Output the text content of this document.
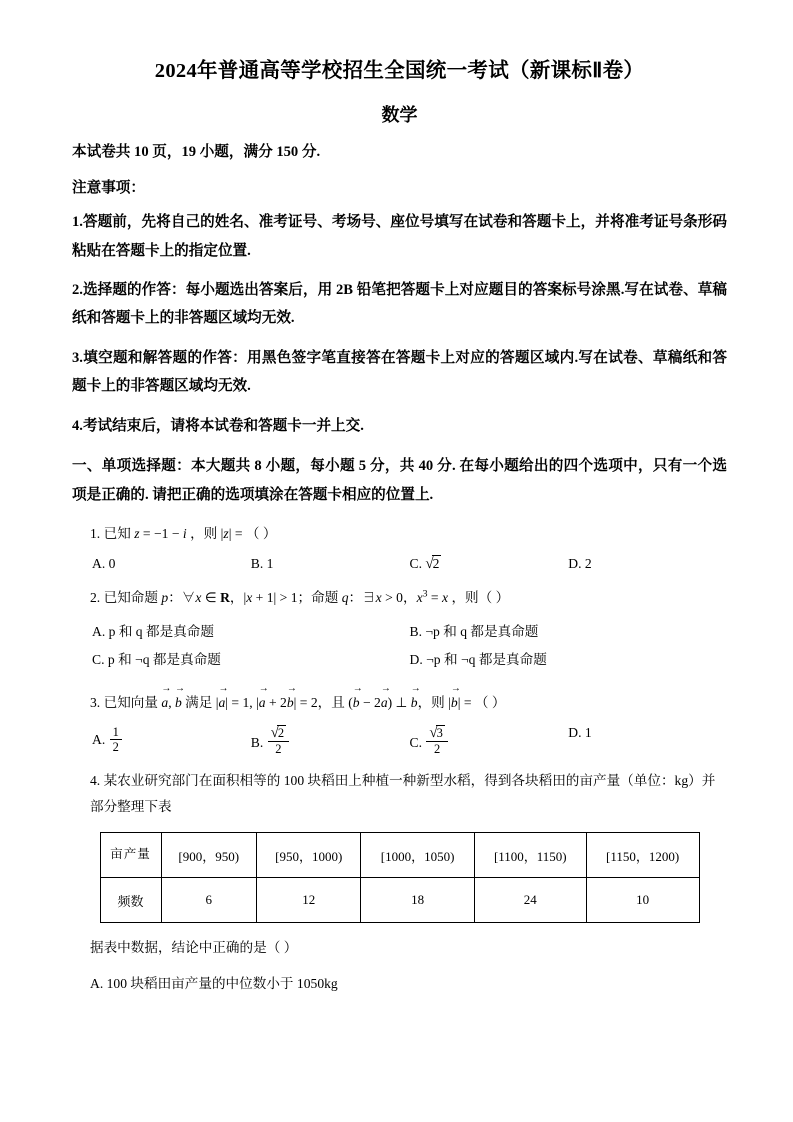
2024年普通高等学校招生全国统一考试（新课标Ⅱ卷）
数学
本试卷共 10 页，19 小题，满分 150 分.
注意事项：
1.答题前，先将自己的姓名、准考证号、考场号、座位号填写在试卷和答题卡上，并将准考证号条形码粘贴在答题卡上的指定位置.
2.选择题的作答：每小题选出答案后，用 2B 铅笔把答题卡上对应题目的答案标号涂黑.写在试卷、草稿纸和答题卡上的非答题区域均无效.
3.填空题和解答题的作答：用黑色签字笔直接答在答题卡上对应的答题区域内.写在试卷、草稿纸和答题卡上的非答题区域均无效.
4.考试结束后，请将本试卷和答题卡一并上交.
一、单项选择题：本大题共 8 小题，每小题 5 分，共 40 分. 在每小题给出的四个选项中，只有一个选项是正确的. 请把正确的选项填涂在答题卡相应的位置上.
1. 已知 z = −1 − i ，则 |z| = （ ）
A. 0	B. 1	C. √2	D. 2
2. 已知命题 p：∀x ∈ R，|x + 1| > 1；命题 q：∃x > 0，$x^3 = x$ ，则（ ）
A. p 和 q 都是真命题	B. ¬p 和 q 都是真命题
C. p 和 ¬q 都是真命题	D. ¬p 和 ¬q 都是真命题
3. 已知向量
→
a,
→
b 满足 |
→
a| = 1, |
→
a + 2
→
b| = 2，且 (
→
b − 2
→
a) ⊥
→
b，则 |
→
b| = （ ）
A. $\frac{1}{2}$	B. $\frac{√2}{2}$	C. $\frac{√3}{2}$	D. 1
4. 某农业研究部门在面积相等的 100 块稻田上种植一种新型水稻，得到各块稻田的亩产量（单位：kg）并部分整理下表
亩产量	[900，950)	[950，1000)	[1000，1050)	[1100，1150)	[1150，1200)
频数	6	12	18	24	10
据表中数据，结论中正确的是（ ）
A. 100 块稻田亩产量的中位数小于 1050kg
